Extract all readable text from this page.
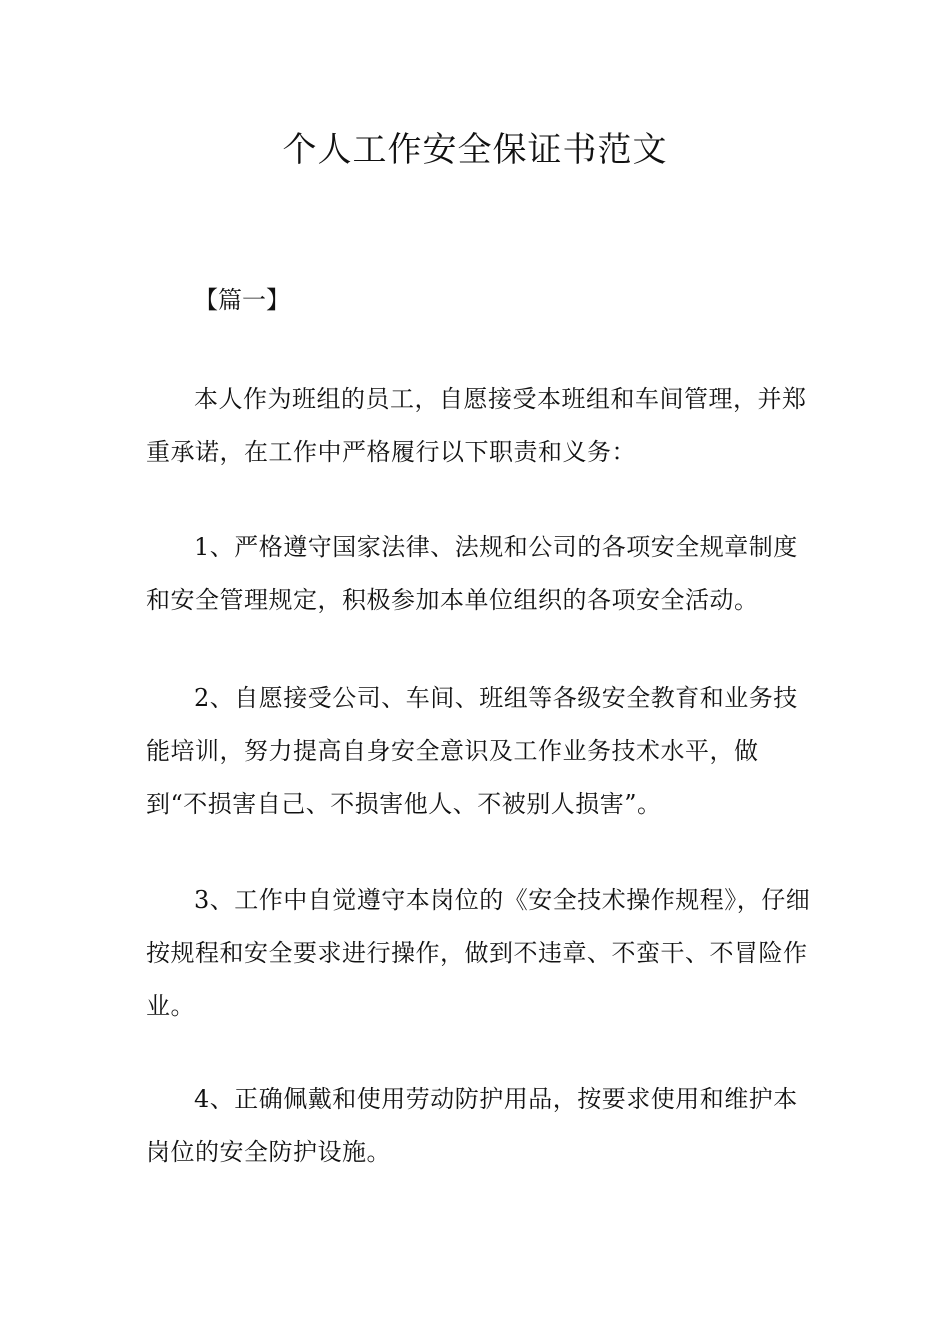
个人工作安全保证书范文
【篇一】

本人作为班组的员工，自愿接受本班组和车间管理，并郑重承诺，在工作中严格履行以下职责和义务：

1、严格遵守国家法律、法规和公司的各项安全规章制度和安全管理规定，积极参加本单位组织的各项安全活动。

2、自愿接受公司、车间、班组等各级安全教育和业务技能培训，努力提高自身安全意识及工作业务技术水平，做到“不损害自己、不损害他人、不被别人损害”。

3、工作中自觉遵守本岗位的《安全技术操作规程》，仔细按规程和安全要求进行操作，做到不违章、不蛮干、不冒险作业。

4、正确佩戴和使用劳动防护用品，按要求使用和维护本岗位的安全防护设施。
